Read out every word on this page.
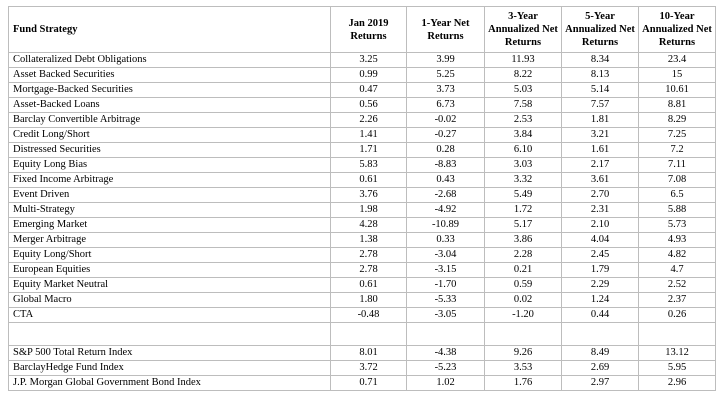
Fund Strategy	Jan 2019 Returns	1-Year Net Returns	3-Year Annualized Net Returns	5-Year Annualized Net Returns	10-Year Annualized Net Returns
Collateralized Debt Obligations	3.25	3.99	11.93	8.34	23.4
Asset Backed Securities	0.99	5.25	8.22	8.13	15
Mortgage-Backed Securities	0.47	3.73	5.03	5.14	10.61
Asset-Backed Loans	0.56	6.73	7.58	7.57	8.81
Barclay Convertible Arbitrage	2.26	-0.02	2.53	1.81	8.29
Credit Long/Short	1.41	-0.27	3.84	3.21	7.25
Distressed Securities	1.71	0.28	6.10	1.61	7.2
Equity Long Bias	5.83	-8.83	3.03	2.17	7.11
Fixed Income Arbitrage	0.61	0.43	3.32	3.61	7.08
Event Driven	3.76	-2.68	5.49	2.70	6.5
Multi-Strategy	1.98	-4.92	1.72	2.31	5.88
Emerging Market	4.28	-10.89	5.17	2.10	5.73
Merger Arbitrage	1.38	0.33	3.86	4.04	4.93
Equity Long/Short	2.78	-3.04	2.28	2.45	4.82
European Equities	2.78	-3.15	0.21	1.79	4.7
Equity Market Neutral	0.61	-1.70	0.59	2.29	2.52
Global Macro	1.80	-5.33	0.02	1.24	2.37
CTA	-0.48	-3.05	-1.20	0.44	0.26

S&P 500 Total Return Index	8.01	-4.38	9.26	8.49	13.12
BarclayHedge Fund Index	3.72	-5.23	3.53	2.69	5.95
J.P. Morgan Global Government Bond Index	0.71	1.02	1.76	2.97	2.96
